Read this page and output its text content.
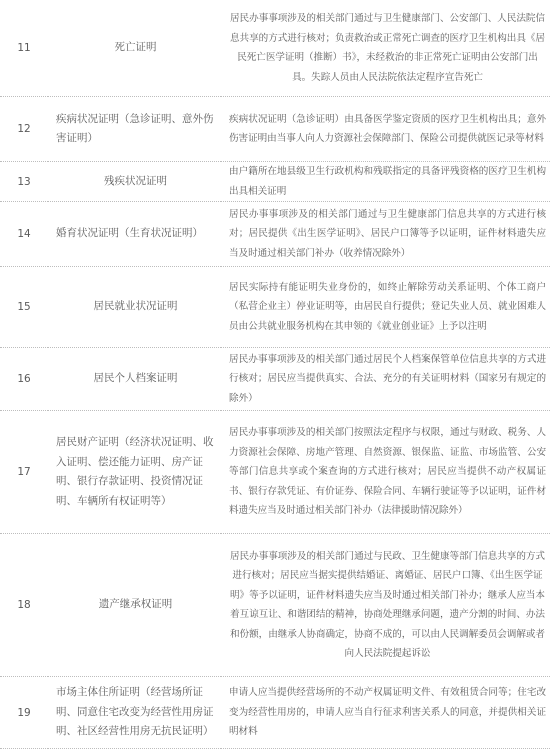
11	死亡证明	居民办事事项涉及的相关部门通过与卫生健康部门、公安部门、人民法院信息共享的方式进行核对；负责救治或正常死亡调查的医疗卫生机构出具《居民死亡医学证明（推断）书》，未经救治的非正常死亡证明由公安部门出具。失踪人员由人民法院依法定程序宣告死亡
12	疾病状况证明（急诊证明、意外伤害证明）	疾病状况证明（急诊证明）由具备医学鉴定资质的医疗卫生机构出具；意外伤害证明由当事人向人力资源社会保障部门、保险公司提供就医记录等材料
13	残疾状况证明	由户籍所在地县级卫生行政机构和残联指定的具备评残资格的医疗卫生机构出具相关证明
14	婚育状况证明（生育状况证明）	居民办事事项涉及的相关部门通过与卫生健康部门信息共享的方式进行核对；居民提供《出生医学证明》、居民户口簿等予以证明，证件材料遗失应当及时通过相关部门补办（收养情况除外）
15	居民就业状况证明	居民实际持有能证明失业身份的，如终止解除劳动关系证明、个体工商户（私营企业主）停业证明等，由居民自行提供；登记失业人员、就业困难人员由公共就业服务机构在其申领的《就业创业证》上予以注明
16	居民个人档案证明	居民办事事项涉及的相关部门通过居民个人档案保管单位信息共享的方式进行核对；居民应当提供真实、合法、充分的有关证明材料（国家另有规定的除外）
17	居民财产证明（经济状况证明、收入证明、偿还能力证明、房产证明、银行存款证明、投资情况证明、车辆所有权证明等）	居民办事事项涉及的相关部门按照法定程序与权限，通过与财政、税务、人力资源社会保障、房地产管理、自然资源、银保监、证监、市场监管、公安等部门信息共享或个案查询的方式进行核对；居民应当提供不动产权属证书、银行存款凭证、有价证券、保险合同、车辆行驶证等予以证明，证件材料遗失应当及时通过相关部门补办（法律援助情况除外）
18	遗产继承权证明	居民办事事项涉及的相关部门通过与民政、卫生健康等部门信息共享的方式进行核对；居民应当据实提供结婚证、离婚证、居民户口簿、《出生医学证明》等予以证明，证件材料遗失应当及时通过相关部门补办；继承人应当本着互谅互让、和谐团结的精神，协商处理继承问题，遗产分割的时间、办法和份额，由继承人协商确定，协商不成的，可以由人民调解委员会调解或者向人民法院提起诉讼
19	市场主体住所证明（经营场所证明、同意住宅改变为经营性用房证明、社区经营性用房无抗民证明）	申请人应当提供经营场所的不动产权属证明文件、有效租赁合同等；住宅改变为经营性用房的，申请人应当自行征求利害关系人的同意，并提供相关证明材料
